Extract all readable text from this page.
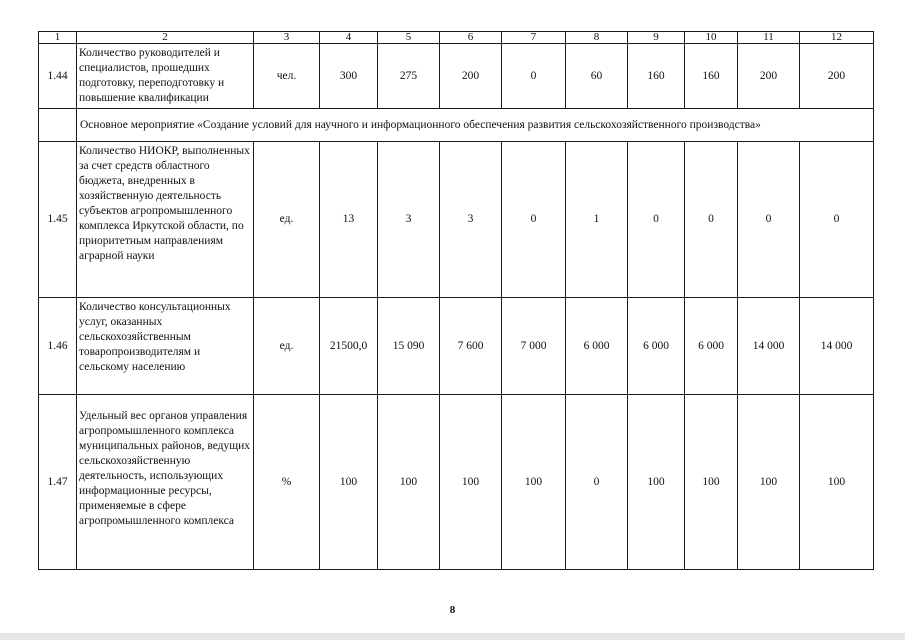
1	2	3	4	5	6	7	8	9	10	11	12
1.44	Количество руководителей и специалистов, прошедших подготовку, переподготовку и повышение квалификации	чел.	300	275	200	0	60	160	160	200	200
	Основное мероприятие «Создание условий для научного и информационного обеспечения развития сельскохозяйственного производства»										
1.45	Количество НИОКР, выполненных за счет средств областного бюджета, внедренных в хозяйственную деятельность субъектов агропромышленного комплекса Иркутской области, по приоритетным направлениям аграрной науки	ед.	13	3	3	0	1	0	0	0	0
1.46	Количество консультационных услуг, оказанных сельскохозяйственным товаропроизводителям и сельскому населению	ед.	21500,0	15 090	7 600	7 000	6 000	6 000	6 000	14 000	14 000
1.47	Удельный вес органов управления агропромышленного комплекса муниципальных районов, ведущих сельскохозяйственную деятельность, использующих информационные ресурсы, применяемые в сфере агропромышленного комплекса	%	100	100	100	100	0	100	100	100	100
8
